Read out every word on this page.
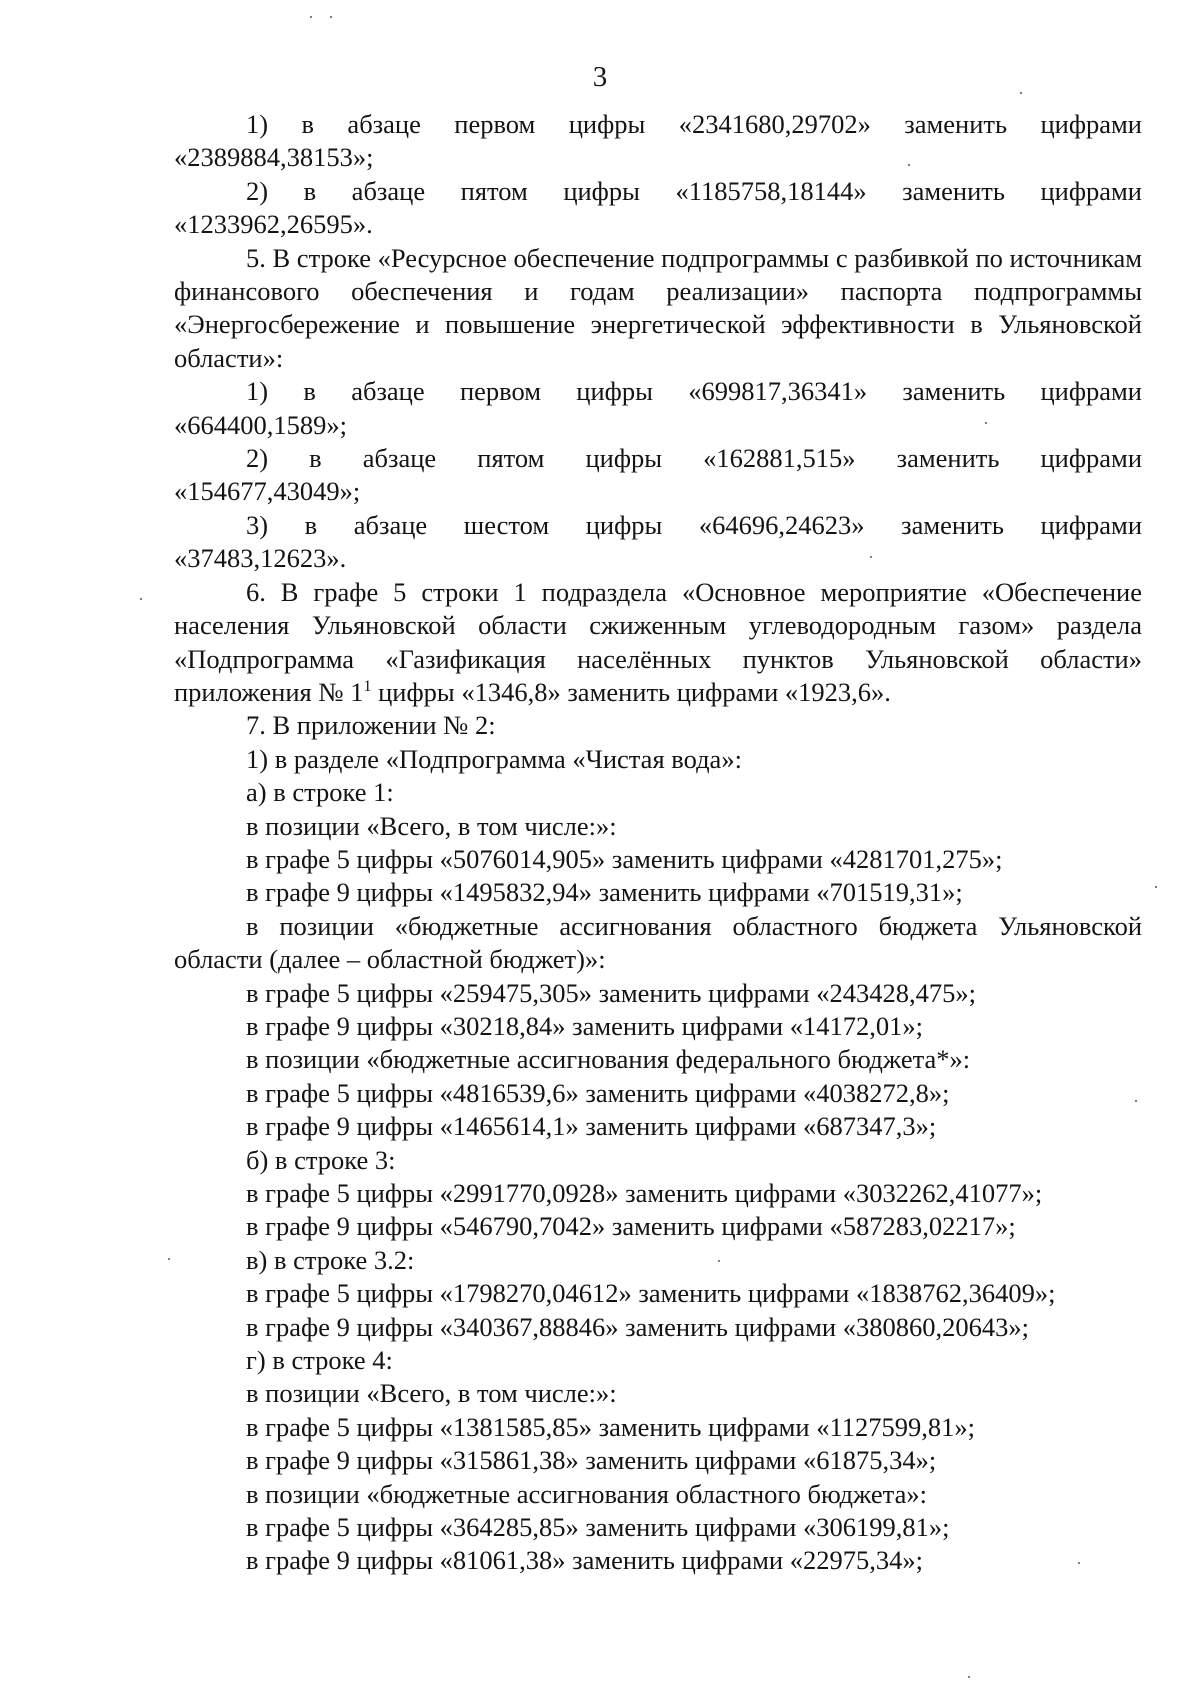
3

1) в абзаце первом цифры «2341680,29702» заменить цифрами

«2389884,38153»;

2) в абзаце пятом цифры «1185758,18144» заменить цифрами

«1233962,26595».

5. В строке «Ресурсное обеспечение подпрограммы с разбивкой по источникам финансового обеспечения и годам реализации» паспорта подпрограммы «Энергосбережение и повышение энергетической эффективности в Ульяновской области»:

1) в абзаце первом цифры «699817,36341» заменить цифрами

«664400,1589»;

2) в абзаце пятом цифры «162881,515» заменить цифрами

«154677,43049»;

3) в абзаце шестом цифры «64696,24623» заменить цифрами

«37483,12623».

6. В графе 5 строки 1 подраздела «Основное мероприятие «Обеспечение населения Ульяновской области сжиженным углеводородным газом» раздела «Подпрограмма «Газификация населённых пунктов Ульяновской области» приложения № $1^1$ цифры «1346,8» заменить цифрами «1923,6».

7. В приложении № 2:

1) в разделе «Подпрограмма «Чистая вода»:

а) в строке 1:

в позиции «Всего, в том числе:»:

в графе 5 цифры «5076014,905» заменить цифрами «4281701,275»;

в графе 9 цифры «1495832,94» заменить цифрами «701519,31»;

в позиции «бюджетные ассигнования областного бюджета Ульяновской области (далее – областной бюджет)»:

в графе 5 цифры «259475,305» заменить цифрами «243428,475»;

в графе 9 цифры «30218,84» заменить цифрами «14172,01»;

в позиции «бюджетные ассигнования федерального бюджета*»:

в графе 5 цифры «4816539,6» заменить цифрами «4038272,8»;

в графе 9 цифры «1465614,1» заменить цифрами «687347,3»;

б) в строке 3:

в графе 5 цифры «2991770,0928» заменить цифрами «3032262,41077»;

в графе 9 цифры «546790,7042» заменить цифрами «587283,02217»;

в) в строке 3.2:

в графе 5 цифры «1798270,04612» заменить цифрами «1838762,36409»;

в графе 9 цифры «340367,88846» заменить цифрами «380860,20643»;

г) в строке 4:

в позиции «Всего, в том числе:»:

в графе 5 цифры «1381585,85» заменить цифрами «1127599,81»;

в графе 9 цифры «315861,38» заменить цифрами «61875,34»;

в позиции «бюджетные ассигнования областного бюджета»:

в графе 5 цифры «364285,85» заменить цифрами «306199,81»;

в графе 9 цифры «81061,38» заменить цифрами «22975,34»;
